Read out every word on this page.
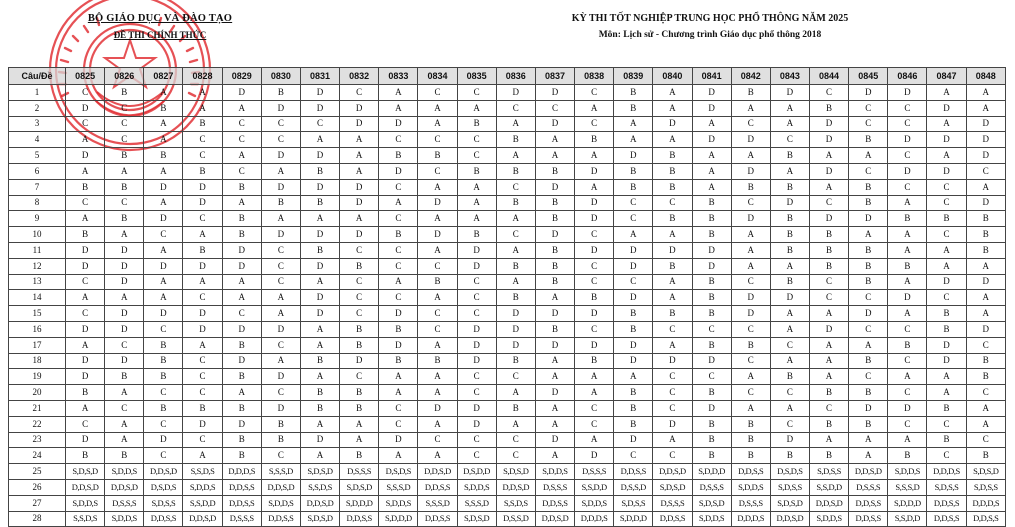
BỘ GIÁO DỤC VÀ ĐÀO TẠO
ĐỀ THI CHÍNH THỨC
KỲ THI TỐT NGHIỆP TRUNG HỌC PHỔ THÔNG NĂM 2025
Môn: Lịch sử - Chương trình Giáo dục phổ thông 2018
Câu/Đề	0825	0826	0827	0828	0829	0830	0831	0832	0833	0834	0835	0836	0837	0838	0839	0840	0841	0842	0843	0844	0845	0846	0847	0848
1	C	B	A	A	D	B	D	C	A	C	C	D	D	C	B	A	D	B	D	C	D	D	A	A
2	D	C	B	A	A	D	D	D	A	A	A	C	C	A	B	A	D	A	A	B	C	C	D	A
3	C	C	A	B	C	C	C	D	D	A	B	A	D	C	A	D	A	C	A	D	C	C	A	D
4	A	C	A	C	C	C	A	A	C	C	C	B	A	B	A	A	D	D	C	D	B	D	D	D
5	D	B	B	C	A	D	D	A	B	B	C	A	A	A	D	B	A	A	B	A	A	C	A	D
6	A	A	A	B	C	A	B	A	D	C	B	B	B	D	B	B	A	D	A	D	C	D	D	C
7	B	B	D	D	B	D	D	D	C	A	A	C	D	A	B	B	A	B	B	A	B	C	C	A
8	C	C	A	D	A	B	B	D	A	D	A	B	B	D	C	C	B	C	D	C	B	A	C	D
9	A	B	D	C	B	A	A	A	C	A	A	A	B	D	C	B	B	D	B	D	D	B	B	B
10	B	A	C	A	B	D	D	D	B	D	B	C	D	C	A	A	B	A	B	B	A	A	C	B
11	D	D	A	B	D	C	B	C	C	A	D	A	B	D	D	D	D	A	B	B	B	A	A	B
12	D	D	D	D	D	C	D	B	C	C	D	B	B	C	D	B	D	A	A	B	B	B	A	A
13	C	D	A	A	A	C	A	C	A	B	C	A	B	C	C	A	B	C	B	C	B	A	D	D
14	A	A	A	C	A	A	D	C	C	A	C	B	A	B	D	A	B	D	D	C	C	D	C	A
15	C	D	D	D	C	A	D	C	D	C	C	D	D	D	B	B	B	D	A	A	D	A	B	A
16	D	D	C	D	D	D	A	B	B	C	D	D	B	C	B	C	C	C	A	D	C	C	B	D
17	A	C	B	A	B	C	A	B	D	A	D	D	D	D	D	A	B	B	C	A	A	B	D	C
18	D	D	B	C	D	A	B	D	B	B	D	B	A	B	D	D	D	C	A	A	B	C	D	B
19	D	B	B	C	B	D	A	C	A	A	C	C	A	A	A	C	C	A	B	A	C	A	A	B
20	B	A	C	C	A	C	B	B	A	A	C	A	D	A	B	C	B	C	C	B	B	C	A	C
21	A	C	B	B	B	D	B	B	C	D	D	B	A	C	B	C	D	A	A	C	D	D	B	A
22	C	A	C	D	D	B	A	A	C	A	D	A	A	C	B	D	B	B	C	B	B	C	C	A
23	D	A	D	C	B	B	D	A	D	C	C	C	D	A	D	A	B	B	D	A	A	A	B	C
24	B	B	C	A	B	C	A	B	A	A	C	C	A	D	C	C	B	B	B	B	A	B	C	B
25	S,D,S,D	S,D,D,S	D,D,S,D	S,S,D,S	D,D,D,S	S,S,S,D	S,D,S,D	D,S,S,S	D,S,D,S	D,D,S,D	D,S,D,D	S,D,S,D	S,D,D,S	D,S,S,S	D,D,S,S	D,D,S,D	S,D,D,D	D,D,S,S	D,S,D,S	S,D,S,S	D,D,S,D	S,D,D,S	D,D,D,S	S,D,S,D
26	D,D,S,D	D,D,S,D	D,S,D,S	S,D,D,S	D,D,S,S	D,D,S,D	S,S,D,S	S,D,S,D	S,S,S,D	D,D,S,S	S,D,D,S	D,D,S,D	D,S,S,S	S,S,D,D	D,S,S,D	S,D,S,D	D,S,S,S	S,D,D,S	S,D,S,S	S,S,D,D	D,S,S,S	S,S,S,D	S,D,S,S	S,D,S,S
27	S,D,D,S	D,S,S,S	S,D,S,S	S,S,D,D	D,D,S,S	S,D,D,S	D,D,S,D	S,D,D,D	S,D,D,S	S,S,S,D	S,S,S,D	S,S,D,S	D,D,S,S	S,D,D,S	S,D,S,S	D,S,S,S	S,D,S,D	D,S,S,S	S,D,S,D	D,D,S,D	D,D,S,S	S,D,D,D	D,D,S,S	D,D,D,S
28	S,S,D,S	S,D,D,S	D,D,S,S	D,D,S,D	D,S,S,S	D,D,S,S	S,D,S,D	D,D,S,S	S,D,D,D	D,D,S,S	S,D,S,D	D,S,S,D	D,D,S,D	D,D,D,S	S,D,D,D	D,D,S,S	S,D,D,S	D,D,D,S	D,D,S,D	S,D,D,S	D,D,S,S	S,S,D,D	D,D,S,S	D,D,S,S
